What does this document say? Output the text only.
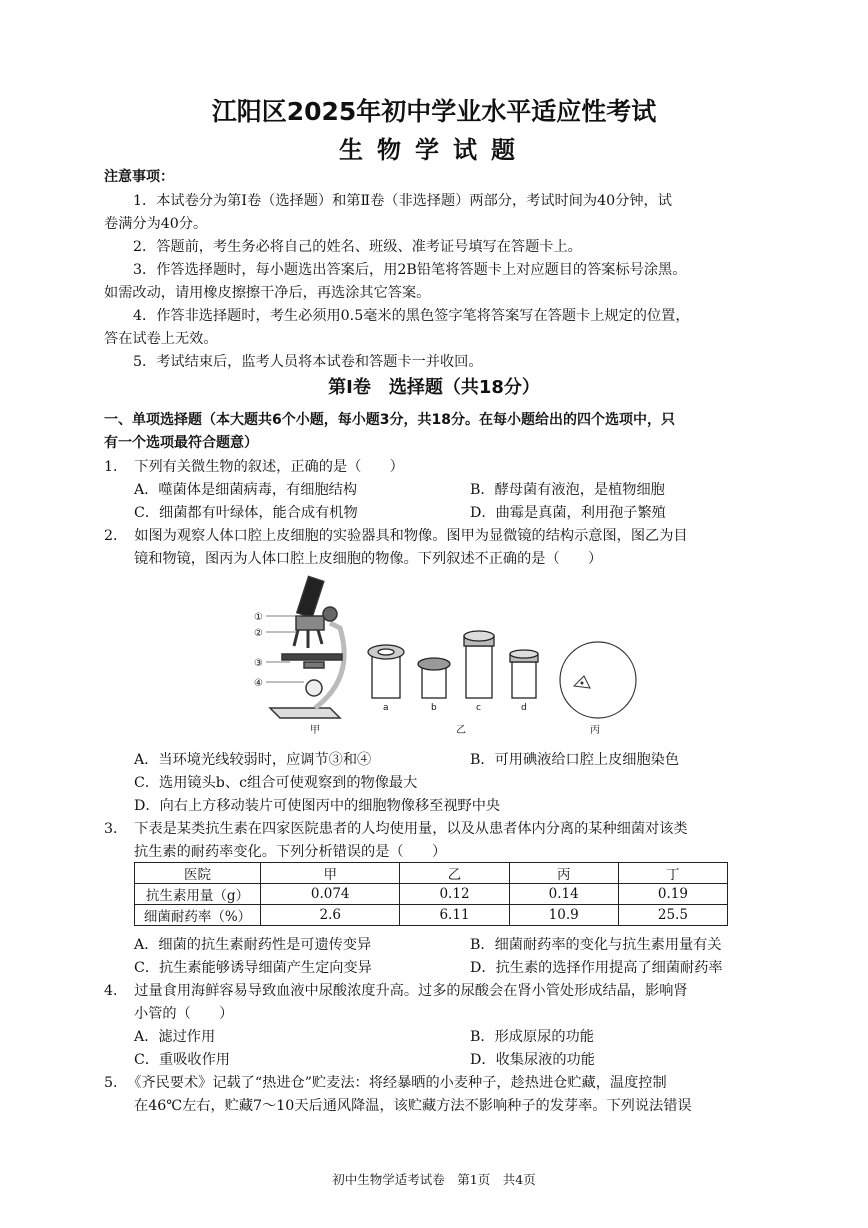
江阳区2025年初中学业水平适应性考试
生物学试题
注意事项：
1．本试卷分为第Ⅰ卷（选择题）和第Ⅱ卷（非选择题）两部分，考试时间为40分钟，试
卷满分为40分。
2．答题前，考生务必将自己的姓名、班级、准考证号填写在答题卡上。
3．作答选择题时，每小题选出答案后，用2B铅笔将答题卡上对应题目的答案标号涂黑。
如需改动，请用橡皮擦擦干净后，再选涂其它答案。
4．作答非选择题时，考生必须用0.5毫米的黑色签字笔将答案写在答题卡上规定的位置，
答在试卷上无效。
5．考试结束后，监考人员将本试卷和答题卡一并收回。
第Ⅰ卷　选择题（共18分）
一、单项选择题（本大题共6个小题，每小题3分，共18分。在每小题给出的四个选项中，只
有一个选项最符合题意）
1．　下列有关微生物的叙述，正确的是（　　）
A．噬菌体是细菌病毒，有细胞结构	B．酵母菌有液泡，是植物细胞
C．细菌都有叶绿体，能合成有机物	D．曲霉是真菌，利用孢子繁殖
2．　如图为观察人体口腔上皮细胞的实验器具和物像。图甲为显微镜的结构示意图，图乙为目
镜和物镜，图丙为人体口腔上皮细胞的物像。下列叙述不正确的是（　　）
①
②
③
④
a	b	c	d
甲	乙	丙
A．当环境光线较弱时，应调节③和④	B．可用碘液给口腔上皮细胞染色
C．选用镜头b、c组合可使观察到的物像最大
D．向右上方移动装片可使图丙中的细胞物像移至视野中央
3．　下表是某类抗生素在四家医院患者的人均使用量，以及从患者体内分离的某种细菌对该类
抗生素的耐药率变化。下列分析错误的是（　　）
医院	甲	乙	丙	丁
抗生素用量（g）	0.074	0.12	0.14	0.19
细菌耐药率（%）	2.6	6.11	10.9	25.5
A．细菌的抗生素耐药性是可遗传变异	B．细菌耐药率的变化与抗生素用量有关
C．抗生素能够诱导细菌产生定向变异	D．抗生素的选择作用提高了细菌耐药率
4．　过量食用海鲜容易导致血液中尿酸浓度升高。过多的尿酸会在肾小管处形成结晶，影响肾
小管的（　　）
A．滤过作用	B．形成原尿的功能
C．重吸收作用	D．收集尿液的功能
5．　《齐民要术》记载了“热进仓”贮麦法：将经暴晒的小麦种子，趁热进仓贮藏，温度控制
在46℃左右，贮藏7～10天后通风降温，该贮藏方法不影响种子的发芽率。下列说法错误
初中生物学适考试卷　第1页　共4页
